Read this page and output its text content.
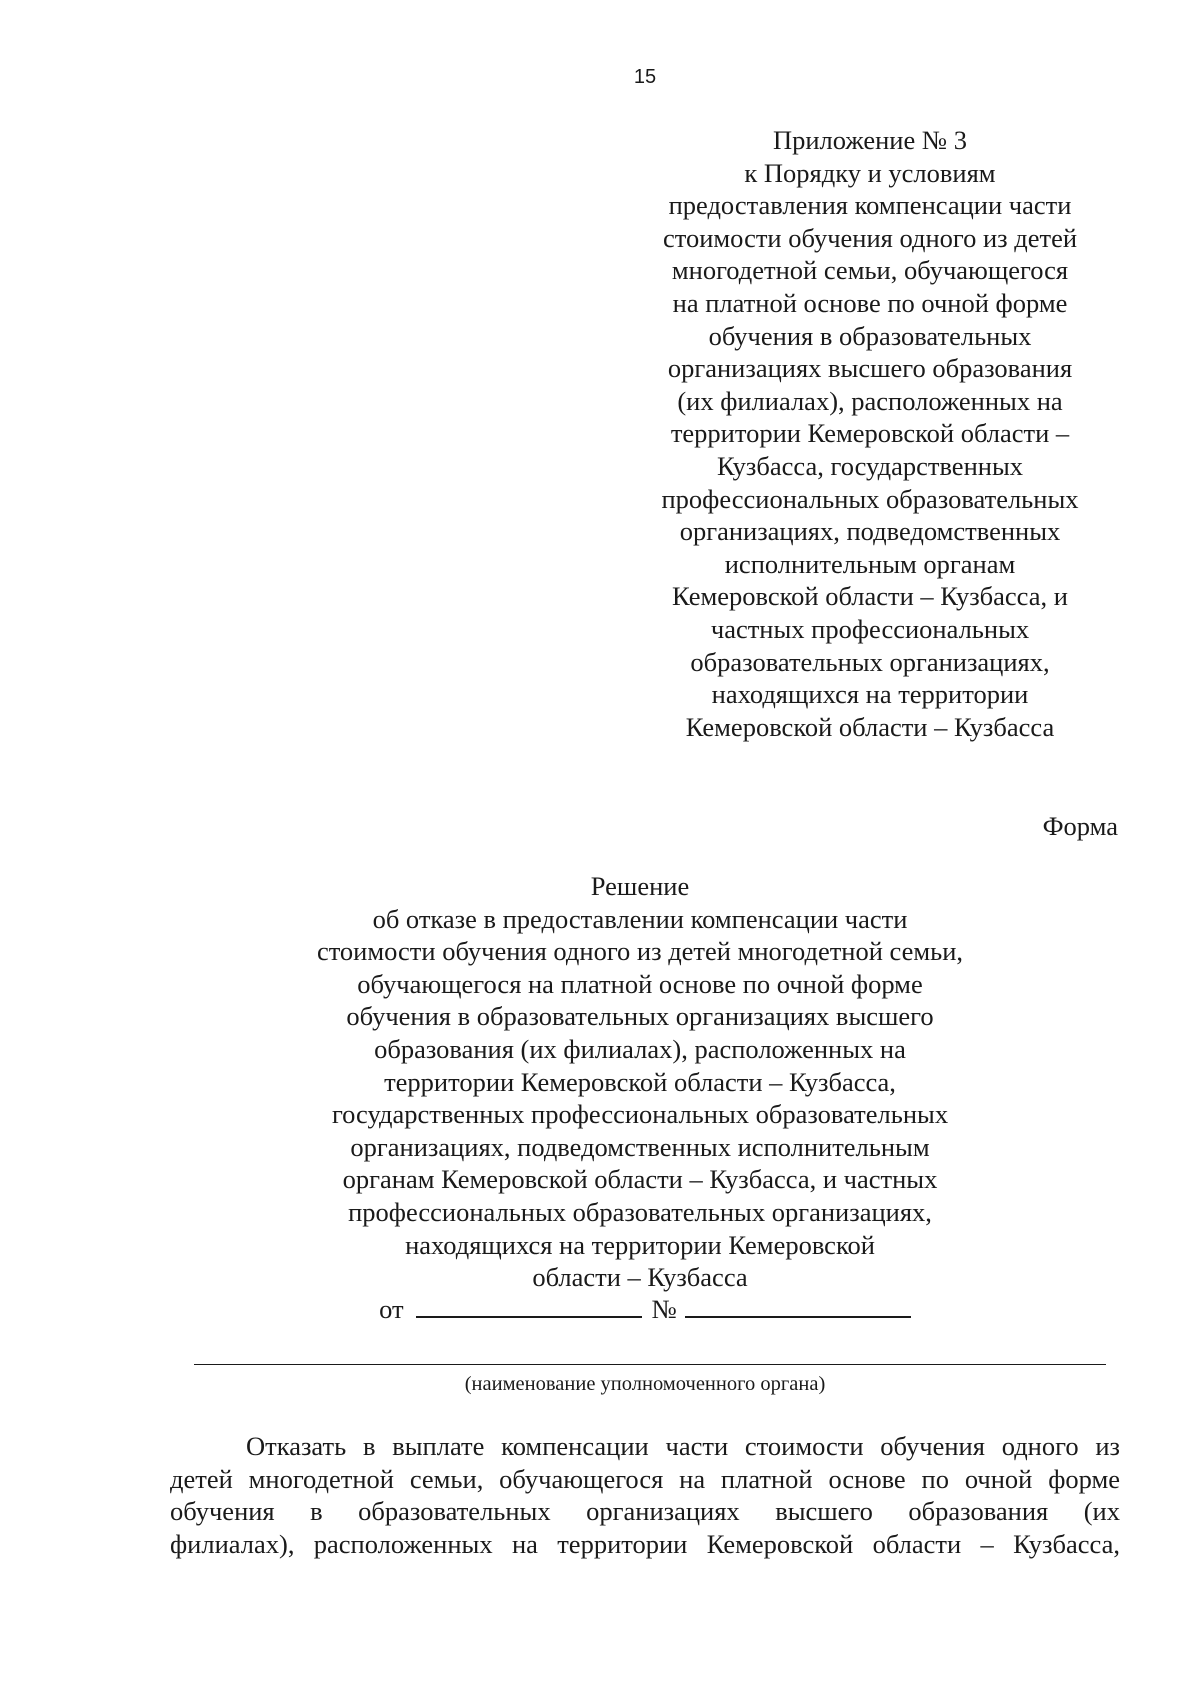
15
Приложение № 3
к Порядку и условиям
предоставления компенсации части
стоимости обучения одного из детей
многодетной семьи, обучающегося
на платной основе по очной форме
обучения в образовательных
организациях высшего образования
(их филиалах), расположенных на
территории Кемеровской области –
Кузбасса, государственных
профессиональных образовательных
организациях, подведомственных
исполнительным органам
Кемеровской области – Кузбасса, и
частных профессиональных
образовательных организациях,
находящихся на территории
Кемеровской области – Кузбасса
Форма
Решение
об отказе в предоставлении компенсации части
стоимости обучения одного из детей многодетной семьи,
обучающегося на платной основе по очной форме
обучения в образовательных организациях высшего
образования (их филиалах), расположенных на
территории Кемеровской области – Кузбасса,
государственных профессиональных образовательных
организациях, подведомственных исполнительным
органам Кемеровской области – Кузбасса, и частных
профессиональных образовательных организациях,
находящихся на территории Кемеровской
области – Кузбасса
от	№
(наименование уполномоченного органа)
Отказать в выплате компенсации части стоимости обучения одного из
детей многодетной семьи, обучающегося на платной основе по очной форме
обучения в образовательных организациях высшего образования (их
филиалах), расположенных на территории Кемеровской области – Кузбасса,
